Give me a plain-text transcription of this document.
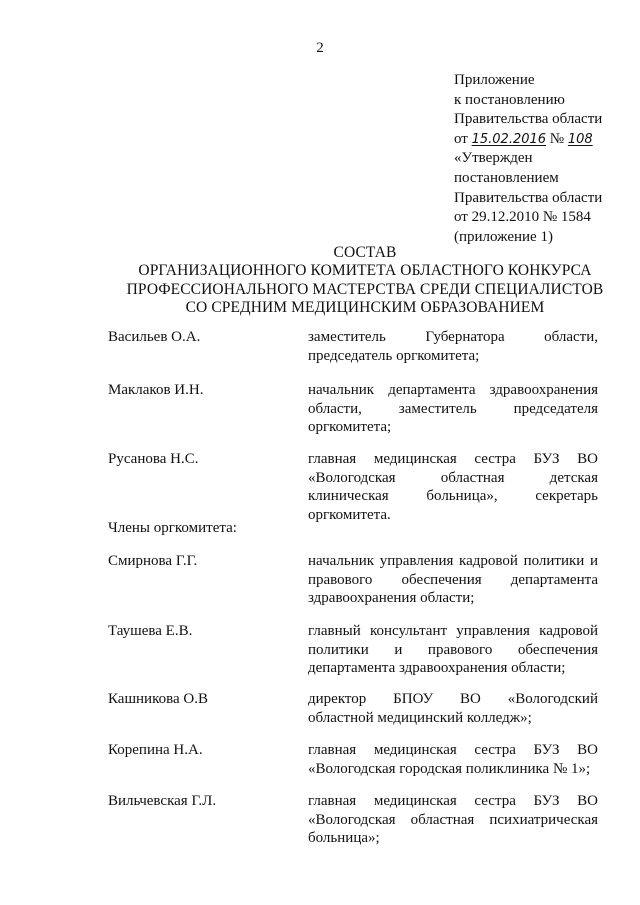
2
Приложение
к постановлению
Правительства области
от 15.02.2016 № 108
«Утвержден
постановлением
Правительства области
от 29.12.2010 № 1584
(приложение 1)
СОСТАВ
ОРГАНИЗАЦИОННОГО КОМИТЕТА ОБЛАСТНОГО КОНКУРСА
ПРОФЕССИОНАЛЬНОГО МАСТЕРСТВА СРЕДИ СПЕЦИАЛИСТОВ
СО СРЕДНИМ МЕДИЦИНСКИМ ОБРАЗОВАНИЕМ
Васильев О.А.	заместитель Губернатора области, председатель оргкомитета;
Маклаков И.Н.	начальник департамента здравоохранения области, заместитель председателя оргкомитета;
Русанова Н.С.	главная медицинская сестра БУЗ ВО «Вологодская областная детская клиническая больница», секретарь оргкомитета.
Члены оргкомитета:
Смирнова Г.Г.	начальник управления кадровой политики и правового обеспечения департамента здравоохранения области;
Таушева Е.В.	главный консультант управления кадровой политики и правового обеспечения департамента здравоохранения области;
Кашникова О.В	директор БПОУ ВО «Вологодский областной медицинский колледж»;
Корепина Н.А.	главная медицинская сестра БУЗ ВО «Вологодская городская поликлиника № 1»;
Вильчевская Г.Л.	главная медицинская сестра БУЗ ВО «Вологодская областная психиатрическая больница»;
